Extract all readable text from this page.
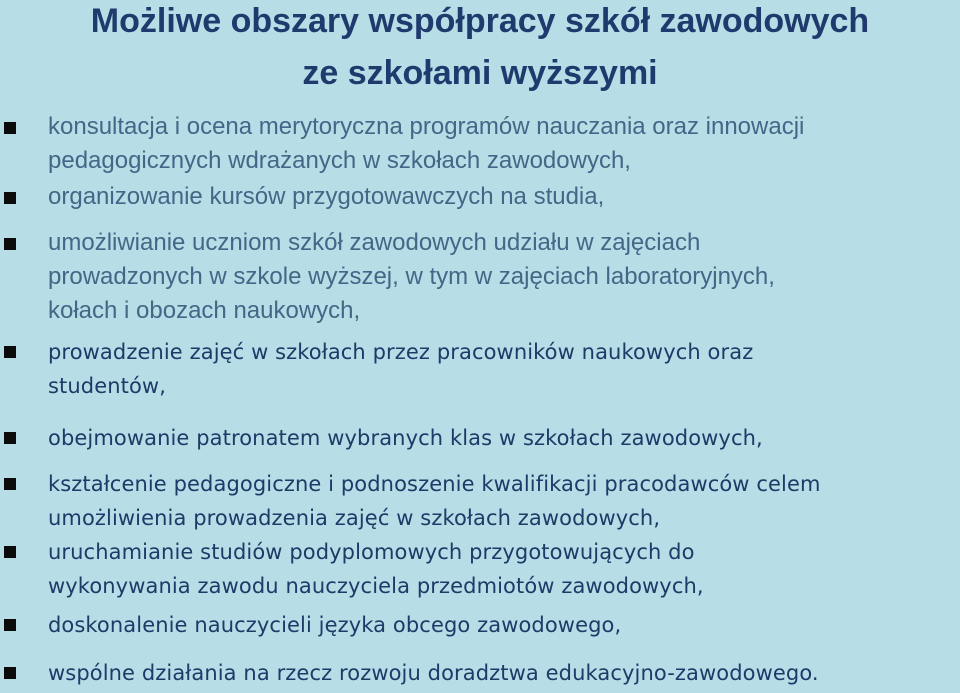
Możliwe obszary współpracy szkół zawodowych
ze szkołami wyższymi
konsultacja i ocena merytoryczna programów nauczania oraz innowacji
pedagogicznych wdrażanych w szkołach zawodowych,
organizowanie kursów przygotowawczych na studia,
umożliwianie uczniom szkół zawodowych udziału w zajęciach
prowadzonych w szkole wyższej, w tym w zajęciach laboratoryjnych,
kołach i obozach naukowych,
prowadzenie zajęć w szkołach przez pracowników naukowych oraz
studentów,
obejmowanie patronatem wybranych klas w szkołach zawodowych,
kształcenie pedagogiczne i podnoszenie kwalifikacji pracodawców celem
umożliwienia prowadzenia zajęć w szkołach zawodowych,
uruchamianie studiów podyplomowych przygotowujących do
wykonywania zawodu nauczyciela przedmiotów zawodowych,
doskonalenie nauczycieli języka obcego zawodowego,
wspólne działania na rzecz rozwoju doradztwa edukacyjno-zawodowego.
